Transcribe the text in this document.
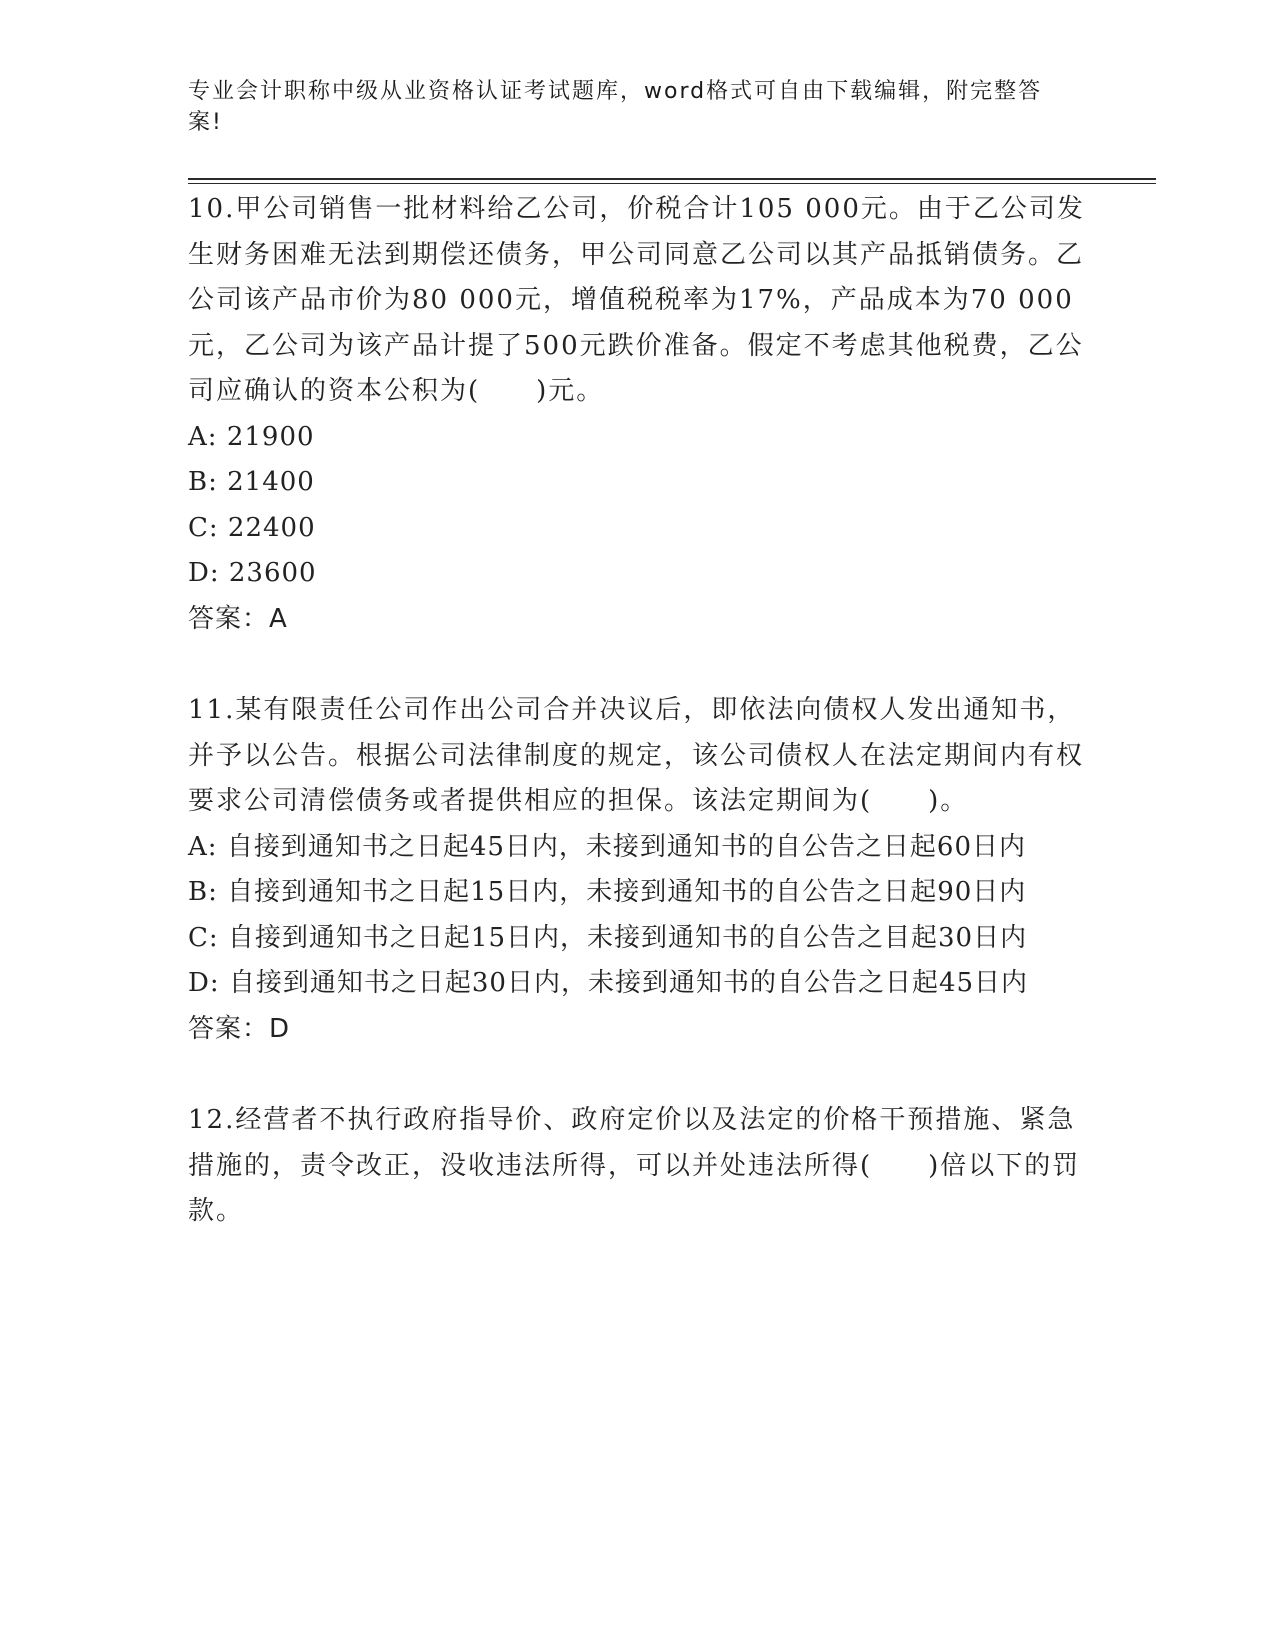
专业会计职称中级从业资格认证考试题库，word格式可自由下载编辑，附完整答案!

10.甲公司销售一批材料给乙公司，价税合计105 000元。由于乙公司发生财务困难无法到期偿还债务，甲公司同意乙公司以其产品抵销债务。乙公司该产品市价为80 000元，增值税税率为17%，产品成本为70 000元，乙公司为该产品计提了500元跌价准备。假定不考虑其他税费，乙公司应确认的资本公积为(　　)元。

A: 21900

B: 21400

C: 22400

D: 23600

答案：A

11.某有限责任公司作出公司合并决议后，即依法向债权人发出通知书，并予以公告。根据公司法律制度的规定，该公司债权人在法定期间内有权要求公司清偿债务或者提供相应的担保。该法定期间为(　　)。

A: 自接到通知书之日起45日内，未接到通知书的自公告之日起60日内

B: 自接到通知书之日起15日内，未接到通知书的自公告之日起90日内

C: 自接到通知书之日起15日内，未接到通知书的自公告之目起30日内

D: 自接到通知书之日起30日内，未接到通知书的自公告之日起45日内

答案：D

12.经营者不执行政府指导价、政府定价以及法定的价格干预措施、紧急措施的，责令改正，没收违法所得，可以并处违法所得(　　)倍以下的罚款。
